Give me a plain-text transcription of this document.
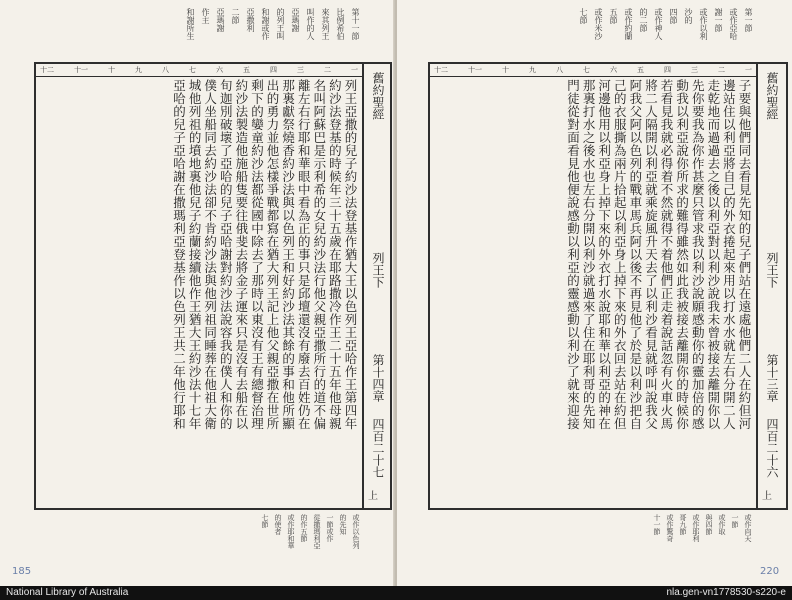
第十一節
比例希伯
來其列王
叫作的人
亞瑪謝
的列王叫
和謝或作
亞撒利
二節
亞瑪謝
作主
和謝所生
一
二
三
四
五
六
七
八
九
十
十一
十二

列王亞撒的兒子約沙法登基作猶大王以色列王亞哈作王第四年

約沙法登基的時候年三十五歲在耶路撒冷作王二十五年他母親

名叫阿蘇巴是示利希的女兒約沙法行他父親亞撒所行的道不偏

離左右行耶和華眼中看為正的事只是邱壇還沒有廢去百姓仍在

那裏獻祭燒香約沙法與以色列王和好約沙法其餘的事和他所顯

出的勇力並他怎樣爭戰都寫在猶大列王記上他父親亞撒在世所

剩下的孌童約沙法都從國中除去了那時以東沒有王有總督治理

約沙法製造他施船隻要往俄斐去將金子運來只是沒有去船在以

旬迦別破壞了亞哈的兒子亞哈謝對約沙法說容我的僕人和你的

僕人坐船同去約沙法卻不肯約沙法與他列祖同睡葬在他祖大衛

城他列祖的墳地裏他兒子約蘭接續他作王猶大王約沙法十七年

亞哈的兒子亞哈謝在撒瑪利亞登基作以色列王共二年他行耶和	舊約聖經
列王下
第十四章
四百二十七
上
或作以色列
的先知
一節或作
從撒瑪利亞
的作五節
或作耶和華
的使者
七節
185
第一節
或作亞哈
謝一節
或作以利
沙的
四節
或作神人
的二節
或作約蘭
五節
或作米沙
七節
一
二
三
四
五
六
七
八
九
十
十一
十二

子要與他們同去看見先知的兒子們站在遠處他們二人在約但河

邊站住以利亞將自己的外衣捲起來用以打水水就左右分開二人

走乾地而過過去之後以利亞對以利沙說我未曾被接去離開你以

先你要我為你作甚麼只管求我以利沙說願感動你的靈加倍的感

動我以利亞說你所求的難得雖然如此我被接去離開你的時候你

若看見我就必得着不然就得不着他們正走着說話忽有火車火馬

將二人隔開以利亞就乘旋風升天去了以利沙看見就呼叫說我父

阿我父阿以色列的戰車馬兵阿以後不再見他了於是以利沙把自

己的衣服撕為兩片拾起以利亞身上掉下來的外衣回去站在約但

河邊他用以利亞身上掉下來的外衣打水說耶和華以利亞的神在

那裏打水之後水也左右分開以利沙就過來了住在耶利哥的先知

門徒從對面看見他便說感動以利亞的靈感動以利沙了就來迎接	舊約聖經
列王下
第十三章
四百二十六
上
或作向天
一節
或作取
與四節
或作耶利
哥九節
或作驚奇
十一節
220
National Library of Australia	nla.gen-vn1778530-s220-e
